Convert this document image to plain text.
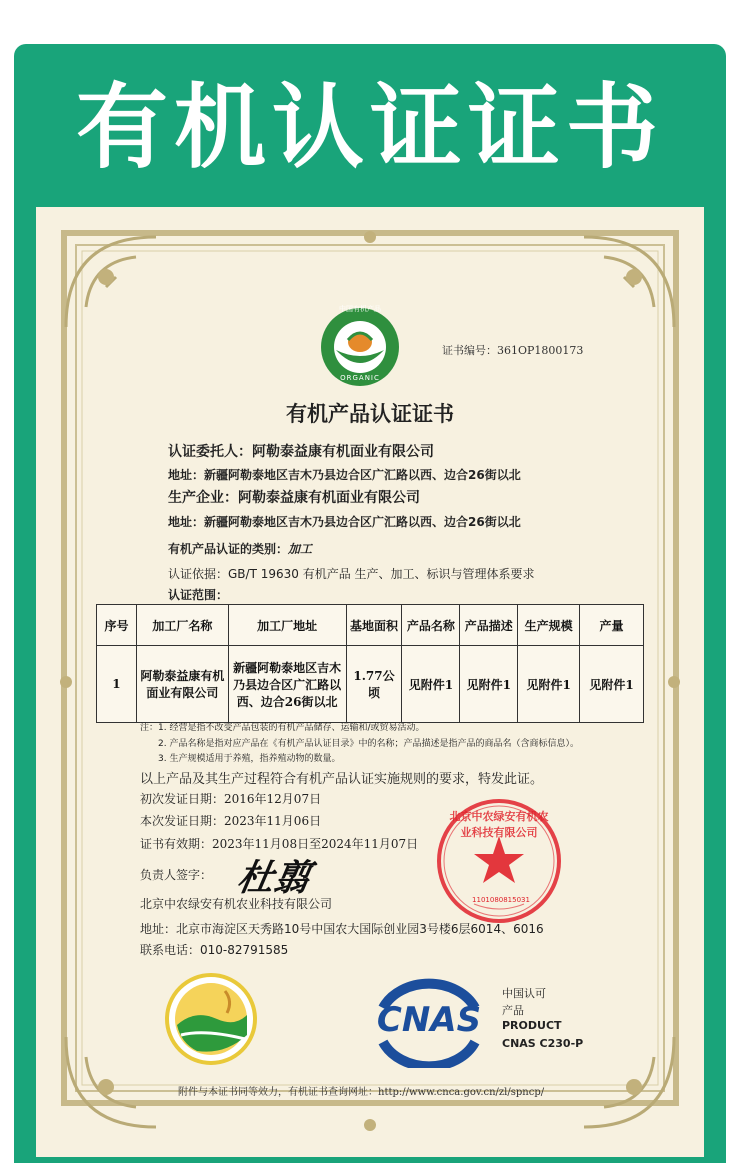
有机认证证书
中国有机产品
ORGANIC
证书编号：361OP1800173
有机产品认证证书
认证委托人：阿勒泰益康有机面业有限公司
地址：新疆阿勒泰地区吉木乃县边合区广汇路以西、边合26街以北
生产企业：阿勒泰益康有机面业有限公司
地址：新疆阿勒泰地区吉木乃县边合区广汇路以西、边合26街以北
有机产品认证的类别：加工
认证依据：GB/T 19630 有机产品 生产、加工、标识与管理体系要求
认证范围：
序号	加工厂名称	加工厂地址	基地面积	产品名称	产品描述	生产规模	产量
1	阿勒泰益康有机面业有限公司	新疆阿勒泰地区吉木乃县边合区广汇路以西、边合26街以北	1.77公顷	见附件1	见附件1	见附件1	见附件1
注：1. 经营是指不改变产品包装的有机产品储存、运输和/或贸易活动。
2. 产品名称是指对应产品在《有机产品认证目录》中的名称；产品描述是指产品的商品名（含商标信息）。
3. 生产规模适用于养殖，指养殖动物的数量。
以上产品及其生产过程符合有机产品认证实施规则的要求，特发此证。
初次发证日期：2016年12月07日
本次发证日期：2023年11月06日
证书有效期：2023年11月08日至2024年11月07日
负责人签字： 杜翦
北京中农绿安有机农业科技有限公司
地址：北京市海淀区天秀路10号中国农大国际创业园3号楼6层6014、6016
联系电话：010-82791585
北京中农绿安有机农业科技有限公司
1101080815031
CNAS
中国认可
产品
PRODUCT
CNAS C230-P
附件与本证书同等效力，有机证书查询网址：http://www.cnca.gov.cn/zl/spncp/
